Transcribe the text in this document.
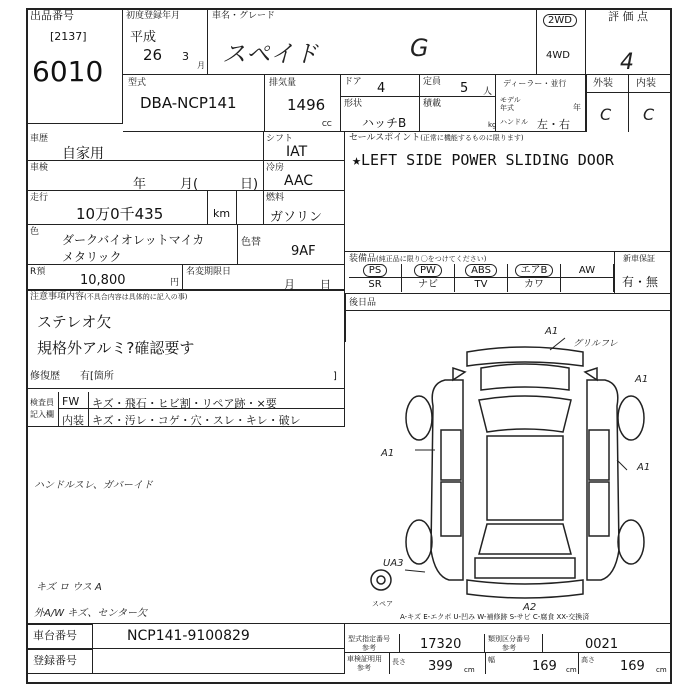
出品番号
[2137]
6010
初度登録年月
平成
26 3
月
車名・グレード
スペイド	G
2WD
4WD
評 価 点
4
外装 内装
C C
型式
DBA-NCP141
排気量
1496
CC
ドア 4	定員 5 人
形状
ハッチB
積載
kg
ディーラー・並行
モデル年式	年
ハンドル 左・右
車歴
自家用
車検
年	月(	日)
走行
10万0千435	km
シフト
IAT
冷房
AAC
燃料
ガソリン
色
ダークバイオレットマイカ
メタリック
色替
9AF
R預
10,800	円
名変期限日
月 日
セールスポイント(正常に機能するものに限ります)
★LEFT SIDE POWER SLIDING DOOR
装備品(純正品に限り〇をつけてください)
PS	PW	ABS	エアB	AW
SR	ナビ	TV	カワ
新車保証
有・無
後日品
注意事項内容(不具合内容は具体的に記入の事)
ステレオ欠
規格外アルミ?確認要す
修復歴 有[箇所	]
検査員
記入欄
FW キズ・飛石・ヒビ割・リペア跡・×要
内装 キズ・汚レ・コゲ・穴・スレ・キレ・破レ
ハンドルスレ、ガバーイド
キズ ロ ウス A
外A/W キズ、センター欠
A1
グリルフレ
A1
A1
A1
UA3
A2
スペア
A-キズ E-エクボ U-凹み W-補修跡 S-サビ C-腐食 XX-交換済
車台番号	NCP141-9100829
登録番号
型式指定番号
参考	17320	類別区分番号
参考	0021
車検証明用
参考
長さ 399 cm
幅	169 cm
高さ 169 cm
